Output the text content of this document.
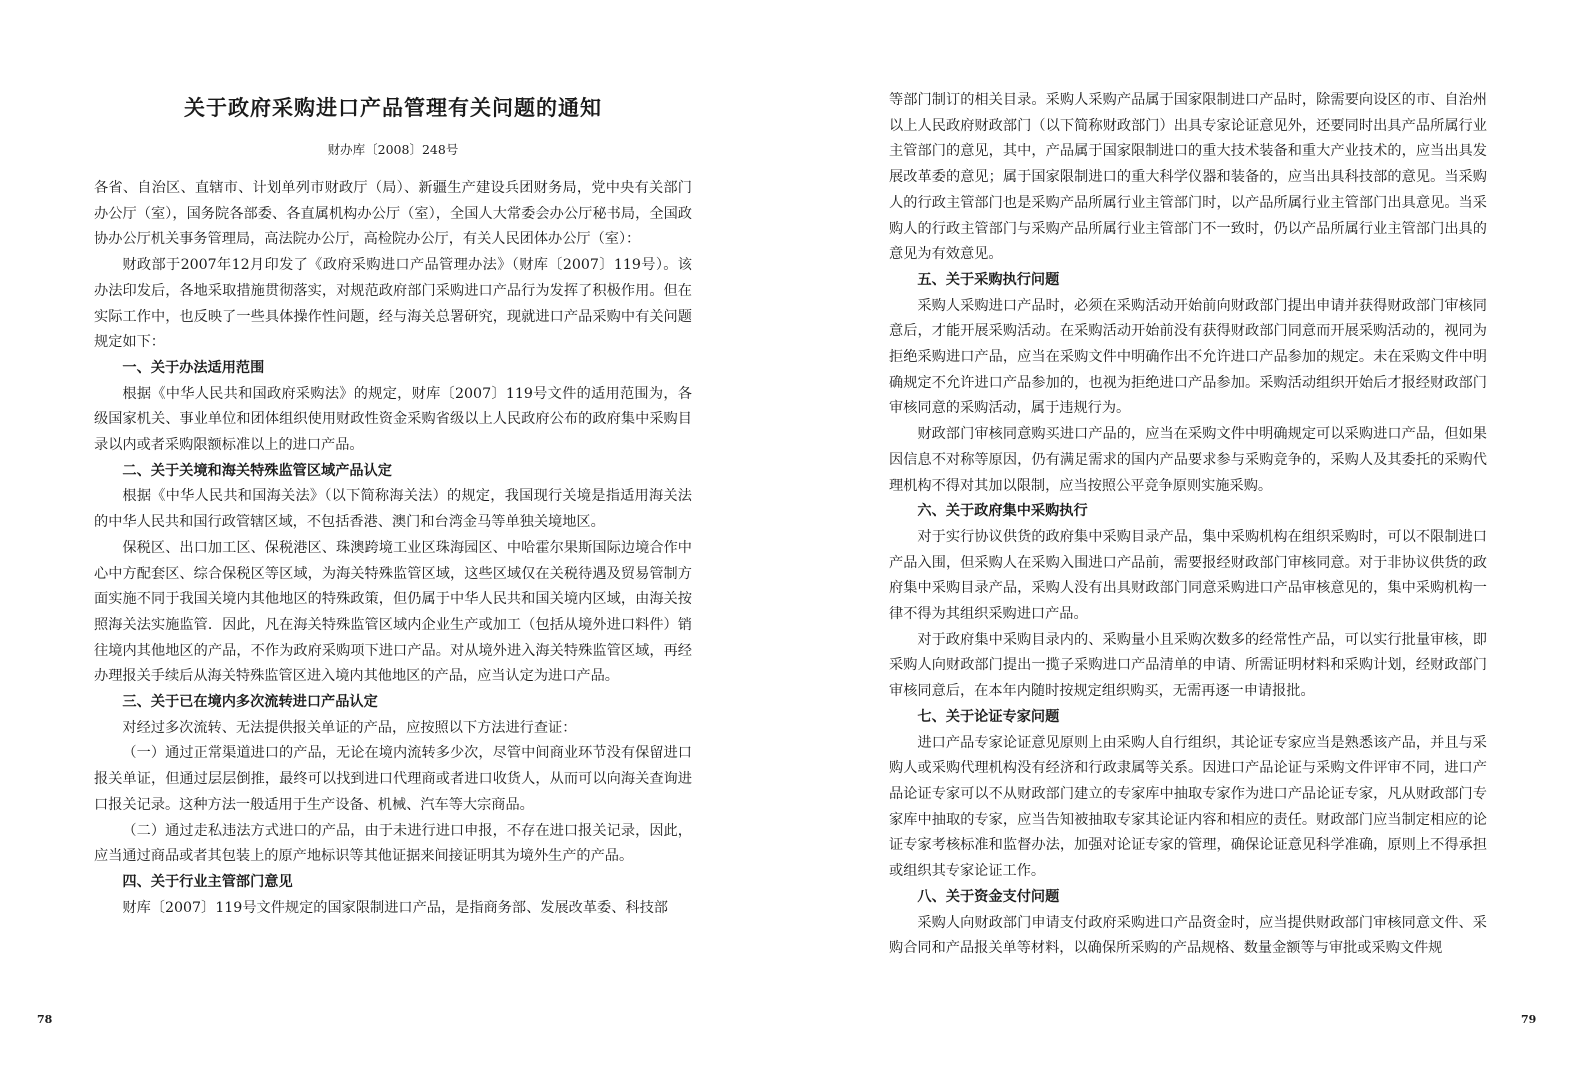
关于政府采购进口产品管理有关问题的通知
财办库〔2008〕248号

各省、自治区、直辖市、计划单列市财政厅（局）、新疆生产建设兵团财务局，党中央有关部门办公厅（室），国务院各部委、各直属机构办公厅（室），全国人大常委会办公厅秘书局，全国政协办公厅机关事务管理局，高法院办公厅，高检院办公厅，有关人民团体办公厅（室）：

财政部于2007年12月印发了《政府采购进口产品管理办法》（财库〔2007〕119号）。该办法印发后，各地采取措施贯彻落实，对规范政府部门采购进口产品行为发挥了积极作用。但在实际工作中，也反映了一些具体操作性问题，经与海关总署研究，现就进口产品采购中有关问题规定如下：

一、关于办法适用范围

根据《中华人民共和国政府采购法》的规定，财库〔2007〕119号文件的适用范围为，各级国家机关、事业单位和团体组织使用财政性资金采购省级以上人民政府公布的政府集中采购目录以内或者采购限额标准以上的进口产品。

二、关于关境和海关特殊监管区域产品认定

根据《中华人民共和国海关法》（以下简称海关法）的规定，我国现行关境是指适用海关法的中华人民共和国行政管辖区域，不包括香港、澳门和台湾金马等单独关境地区。

保税区、出口加工区、保税港区、珠澳跨境工业区珠海园区、中哈霍尔果斯国际边境合作中心中方配套区、综合保税区等区域，为海关特殊监管区域，这些区域仅在关税待遇及贸易管制方面实施不同于我国关境内其他地区的特殊政策，但仍属于中华人民共和国关境内区域，由海关按照海关法实施监管．因此，凡在海关特殊监管区域内企业生产或加工（包括从境外进口料件）销往境内其他地区的产品，不作为政府采购项下进口产品。对从境外进入海关特殊监管区域，再经办理报关手续后从海关特殊监管区进入境内其他地区的产品，应当认定为进口产品。

三、关于已在境内多次流转进口产品认定

对经过多次流转、无法提供报关单证的产品，应按照以下方法进行查证：

（一）通过正常渠道进口的产品，无论在境内流转多少次，尽管中间商业环节没有保留进口报关单证，但通过层层倒推，最终可以找到进口代理商或者进口收货人，从而可以向海关查询进口报关记录。这种方法一般适用于生产设备、机械、汽车等大宗商品。

（二）通过走私违法方式进口的产品，由于未进行进口申报，不存在进口报关记录，因此，应当通过商品或者其包装上的原产地标识等其他证据来间接证明其为境外生产的产品。

四、关于行业主管部门意见

财库〔2007〕119号文件规定的国家限制进口产品，是指商务部、发展改革委、科技部

78

等部门制订的相关目录。采购人采购产品属于国家限制进口产品时，除需要向设区的市、自治州以上人民政府财政部门（以下简称财政部门）出具专家论证意见外，还要同时出具产品所属行业主管部门的意见，其中，产品属于国家限制进口的重大技术装备和重大产业技术的，应当出具发展改革委的意见；属于国家限制进口的重大科学仪器和装备的，应当出具科技部的意见。当采购人的行政主管部门也是采购产品所属行业主管部门时，以产品所属行业主管部门出具意见。当采购人的行政主管部门与采购产品所属行业主管部门不一致时，仍以产品所属行业主管部门出具的意见为有效意见。

五、关于采购执行问题

采购人采购进口产品时，必须在采购活动开始前向财政部门提出申请并获得财政部门审核同意后，才能开展采购活动。在采购活动开始前没有获得财政部门同意而开展采购活动的，视同为拒绝采购进口产品，应当在采购文件中明确作出不允许进口产品参加的规定。未在采购文件中明确规定不允许进口产品参加的，也视为拒绝进口产品参加。采购活动组织开始后才报经财政部门审核同意的采购活动，属于违规行为。

财政部门审核同意购买进口产品的，应当在采购文件中明确规定可以采购进口产品，但如果因信息不对称等原因，仍有满足需求的国内产品要求参与采购竞争的，采购人及其委托的采购代理机构不得对其加以限制，应当按照公平竞争原则实施采购。

六、关于政府集中采购执行

对于实行协议供货的政府集中采购目录产品，集中采购机构在组织采购时，可以不限制进口产品入围，但采购人在采购入围进口产品前，需要报经财政部门审核同意。对于非协议供货的政府集中采购目录产品，采购人没有出具财政部门同意采购进口产品审核意见的，集中采购机构一律不得为其组织采购进口产品。

对于政府集中采购目录内的、采购量小且采购次数多的经常性产品，可以实行批量审核，即采购人向财政部门提出一揽子采购进口产品清单的申请、所需证明材料和采购计划，经财政部门审核同意后，在本年内随时按规定组织购买，无需再逐一申请报批。

七、关于论证专家问题

进口产品专家论证意见原则上由采购人自行组织，其论证专家应当是熟悉该产品，并且与采购人或采购代理机构没有经济和行政隶属等关系。因进口产品论证与采购文件评审不同，进口产品论证专家可以不从财政部门建立的专家库中抽取专家作为进口产品论证专家，凡从财政部门专家库中抽取的专家，应当告知被抽取专家其论证内容和相应的责任。财政部门应当制定相应的论证专家考核标准和监督办法，加强对论证专家的管理，确保论证意见科学准确，原则上不得承担或组织其专家论证工作。

八、关于资金支付问题

采购人向财政部门申请支付政府采购进口产品资金时，应当提供财政部门审核同意文件、采购合同和产品报关单等材料，以确保所采购的产品规格、数量金额等与审批或采购文件规

79
